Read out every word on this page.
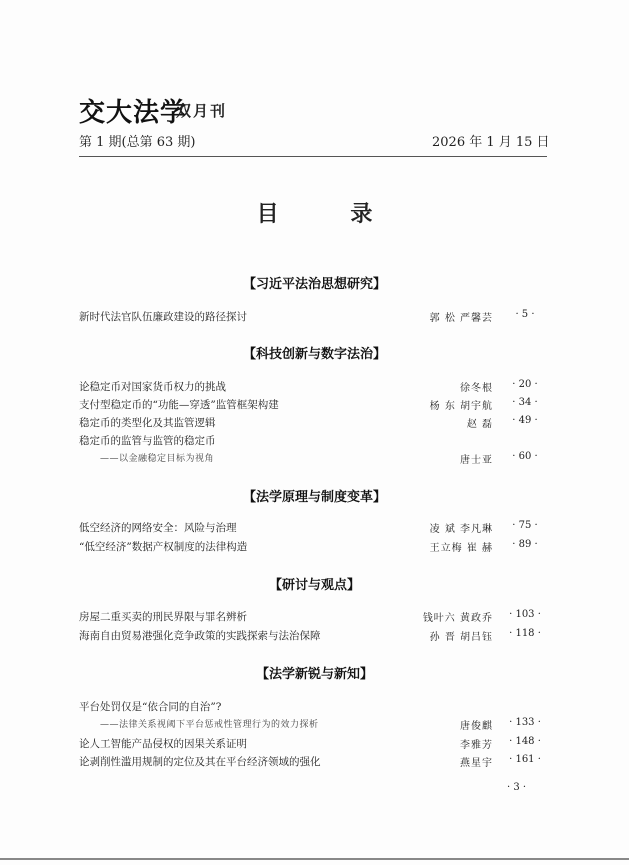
交大法学
双月刊
第 1 期(总第 63 期)	2026 年 1 月 15 日
目 录
【习近平法治思想研究】
新时代法官队伍廉政建设的路径探讨	郭 松 严馨芸	· 5 ·
【科技创新与数字法治】
论稳定币对国家货币权力的挑战	徐冬根	· 20 ·
支付型稳定币的“功能—穿透”监管框架构建	杨 东 胡宇航	· 34 ·
稳定币的类型化及其监管逻辑	赵 磊	· 49 ·
稳定币的监管与监管的稳定币
——以金融稳定目标为视角	唐士亚	· 60 ·
【法学原理与制度变革】
低空经济的网络安全：风险与治理	凌 斌 李凡琳	· 75 ·
“低空经济”数据产权制度的法律构造	王立梅 崔 赫	· 89 ·
【研讨与观点】
房屋二重买卖的刑民界限与罪名辨析	钱叶六 黄政乔	· 103 ·
海南自由贸易港强化竞争政策的实践探索与法治保障	孙 晋 胡吕钰	· 118 ·
【法学新锐与新知】
平台处罚仅是“依合同的自治”?
——法律关系视阈下平台惩戒性管理行为的效力探析	唐俊麒	· 133 ·
论人工智能产品侵权的因果关系证明	李雅芳	· 148 ·
论剥削性滥用规制的定位及其在平台经济领域的强化	燕星宇	· 161 ·
· 3 ·
